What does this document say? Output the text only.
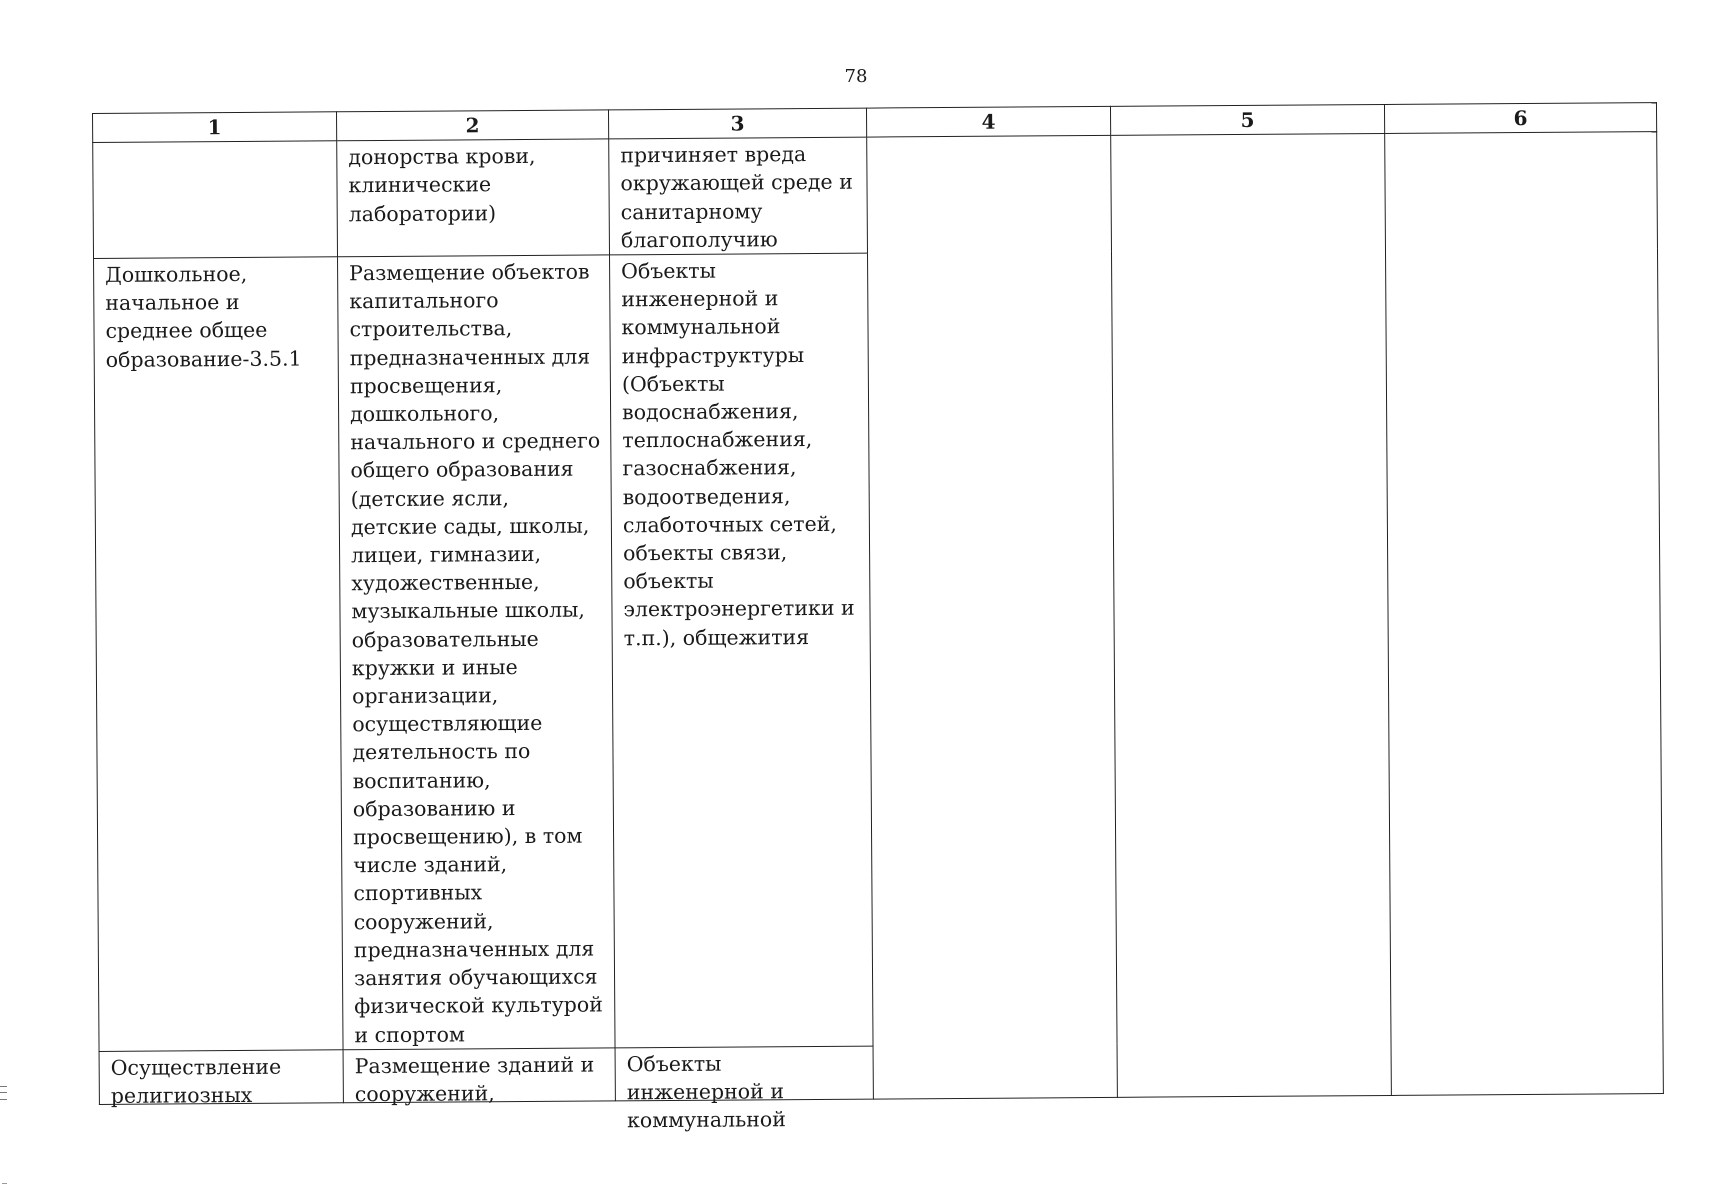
78
1	2	3	4	5	6

	донорства крови, клинические лаборатории)	причиняет вреда окружающей среде и санитарному благополучию			

Дошкольное, начальное и среднее общее образование-3.5.1	Размещение объектов капитального строительства, предназначенных для просвещения, дошкольного, начального и среднего общего образования (детские ясли, детские сады, школы, лицеи, гимназии, художественные, музыкальные школы, образовательные кружки и иные организации, осуществляющие деятельность по воспитанию, образованию и просвещению), в том числе зданий, спортивных сооружений, предназначенных для занятия обучающихся физической культурой и спортом	Объекты инженерной и коммунальной инфраструктуры (Объекты водоснабжения, теплоснабжения, газоснабжения, водоотведения, слаботочных сетей, объекты связи, объекты электроэнергетики и т.п.), общежития			

Осуществление религиозных	Размещение зданий и сооружений,	Объекты инженерной и коммунальной			
